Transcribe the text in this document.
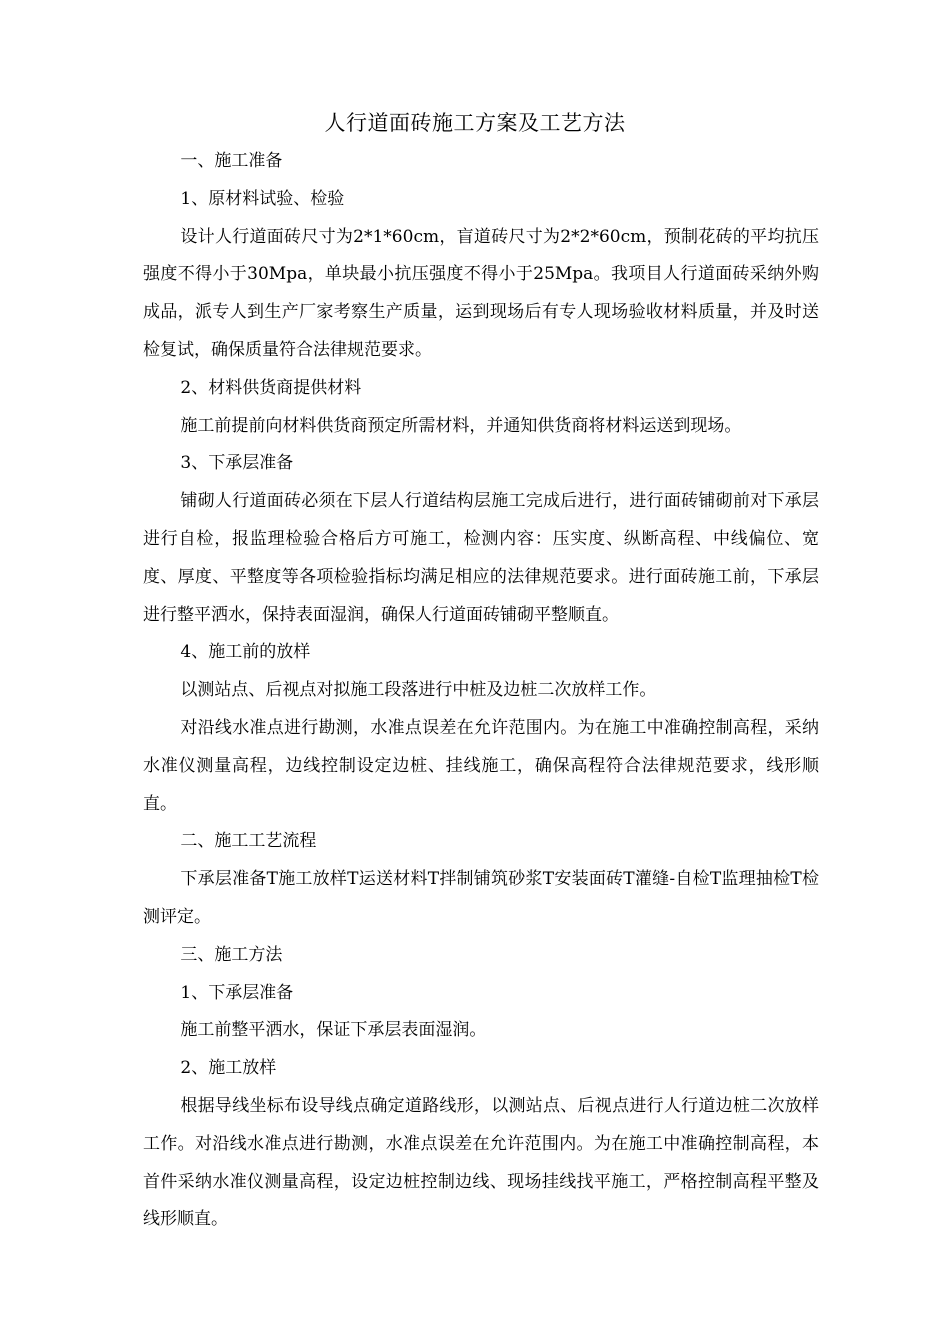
人行道面砖施工方案及工艺方法

一、施工准备

1、原材料试验、检验

设计人行道面砖尺寸为2*1*60cm，盲道砖尺寸为2*2*60cm，预制花砖的平均抗压强度不得小于30Mpa，单块最小抗压强度不得小于25Mpa。我项目人行道面砖采纳外购成品，派专人到生产厂家考察生产质量，运到现场后有专人现场验收材料质量，并及时送检复试，确保质量符合法律规范要求。

2、材料供货商提供材料

施工前提前向材料供货商预定所需材料，并通知供货商将材料运送到现场。

3、下承层准备

铺砌人行道面砖必须在下层人行道结构层施工完成后进行，进行面砖铺砌前对下承层进行自检，报监理检验合格后方可施工，检测内容：压实度、纵断高程、中线偏位、宽度、厚度、平整度等各项检验指标均满足相应的法律规范要求。进行面砖施工前，下承层进行整平洒水，保持表面湿润，确保人行道面砖铺砌平整顺直。

4、施工前的放样

以测站点、后视点对拟施工段落进行中桩及边桩二次放样工作。

对沿线水准点进行勘测，水准点误差在允许范围内。为在施工中准确控制高程，采纳水准仪测量高程，边线控制设定边桩、挂线施工，确保高程符合法律规范要求，线形顺直。

二、施工工艺流程

下承层准备T施工放样T运送材料T拌制铺筑砂浆T安装面砖T灌缝-自检T监理抽检T检测评定。

三、施工方法

1、下承层准备

施工前整平洒水，保证下承层表面湿润。

2、施工放样

根据导线坐标布设导线点确定道路线形，以测站点、后视点进行人行道边桩二次放样工作。对沿线水准点进行勘测，水准点误差在允许范围内。为在施工中准确控制高程，本首件采纳水准仪测量高程，设定边桩控制边线、现场挂线找平施工，严格控制高程平整及线形顺直。
